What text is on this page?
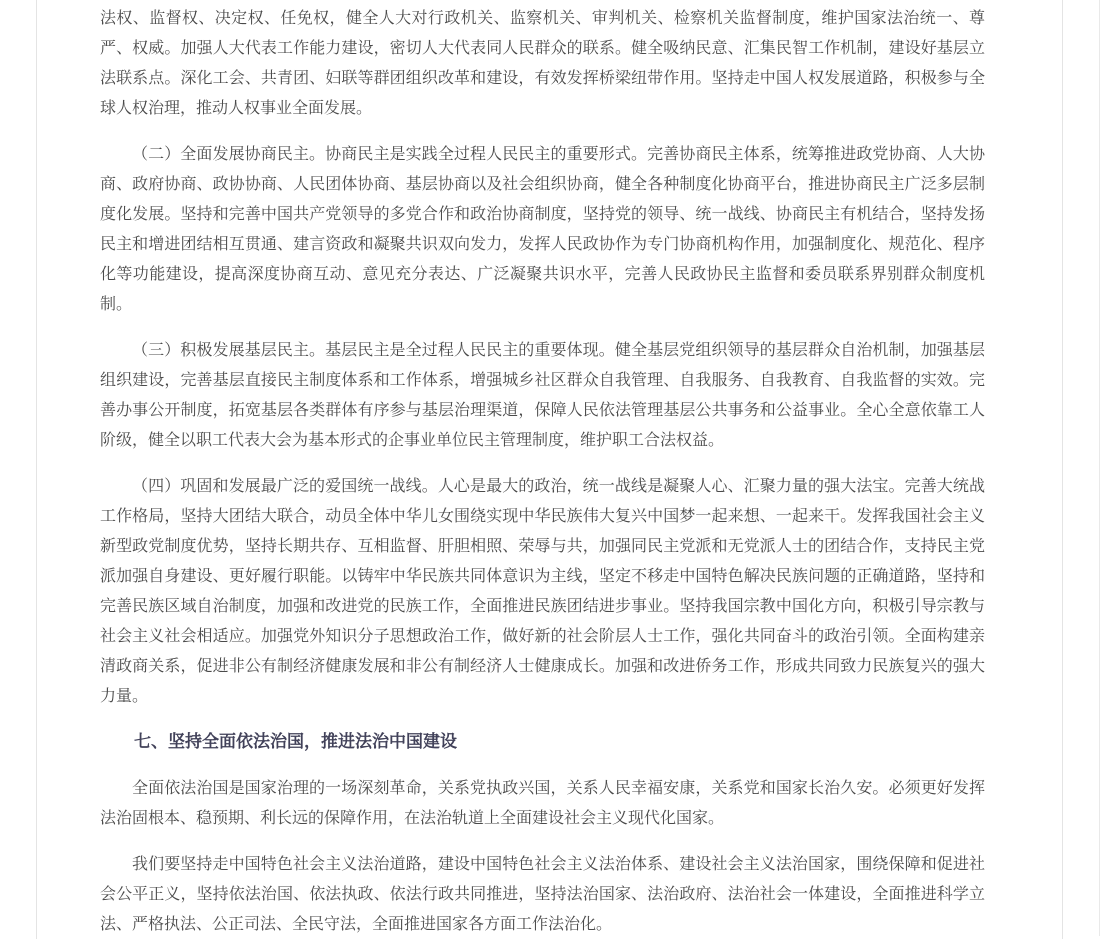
法权、监督权、决定权、任免权，健全人大对行政机关、监察机关、审判机关、检察机关监督制度，维护国家法治统一、尊严、权威。加强人大代表工作能力建设，密切人大代表同人民群众的联系。健全吸纳民意、汇集民智工作机制，建设好基层立法联系点。深化工会、共青团、妇联等群团组织改革和建设，有效发挥桥梁纽带作用。坚持走中国人权发展道路，积极参与全球人权治理，推动人权事业全面发展。

（二）全面发展协商民主。协商民主是实践全过程人民民主的重要形式。完善协商民主体系，统筹推进政党协商、人大协商、政府协商、政协协商、人民团体协商、基层协商以及社会组织协商，健全各种制度化协商平台，推进协商民主广泛多层制度化发展。坚持和完善中国共产党领导的多党合作和政治协商制度，坚持党的领导、统一战线、协商民主有机结合，坚持发扬民主和增进团结相互贯通、建言资政和凝聚共识双向发力，发挥人民政协作为专门协商机构作用，加强制度化、规范化、程序化等功能建设，提高深度协商互动、意见充分表达、广泛凝聚共识水平，完善人民政协民主监督和委员联系界别群众制度机制。

（三）积极发展基层民主。基层民主是全过程人民民主的重要体现。健全基层党组织领导的基层群众自治机制，加强基层组织建设，完善基层直接民主制度体系和工作体系，增强城乡社区群众自我管理、自我服务、自我教育、自我监督的实效。完善办事公开制度，拓宽基层各类群体有序参与基层治理渠道，保障人民依法管理基层公共事务和公益事业。全心全意依靠工人阶级，健全以职工代表大会为基本形式的企事业单位民主管理制度，维护职工合法权益。

（四）巩固和发展最广泛的爱国统一战线。人心是最大的政治，统一战线是凝聚人心、汇聚力量的强大法宝。完善大统战工作格局，坚持大团结大联合，动员全体中华儿女围绕实现中华民族伟大复兴中国梦一起来想、一起来干。发挥我国社会主义新型政党制度优势，坚持长期共存、互相监督、肝胆相照、荣辱与共，加强同民主党派和无党派人士的团结合作，支持民主党派加强自身建设、更好履行职能。以铸牢中华民族共同体意识为主线，坚定不移走中国特色解决民族问题的正确道路，坚持和完善民族区域自治制度，加强和改进党的民族工作，全面推进民族团结进步事业。坚持我国宗教中国化方向，积极引导宗教与社会主义社会相适应。加强党外知识分子思想政治工作，做好新的社会阶层人士工作，强化共同奋斗的政治引领。全面构建亲清政商关系，促进非公有制经济健康发展和非公有制经济人士健康成长。加强和改进侨务工作，形成共同致力民族复兴的强大力量。

七、坚持全面依法治国，推进法治中国建设

全面依法治国是国家治理的一场深刻革命，关系党执政兴国，关系人民幸福安康，关系党和国家长治久安。必须更好发挥法治固根本、稳预期、利长远的保障作用，在法治轨道上全面建设社会主义现代化国家。

我们要坚持走中国特色社会主义法治道路，建设中国特色社会主义法治体系、建设社会主义法治国家，围绕保障和促进社会公平正义，坚持依法治国、依法执政、依法行政共同推进，坚持法治国家、法治政府、法治社会一体建设，全面推进科学立法、严格执法、公正司法、全民守法，全面推进国家各方面工作法治化。
